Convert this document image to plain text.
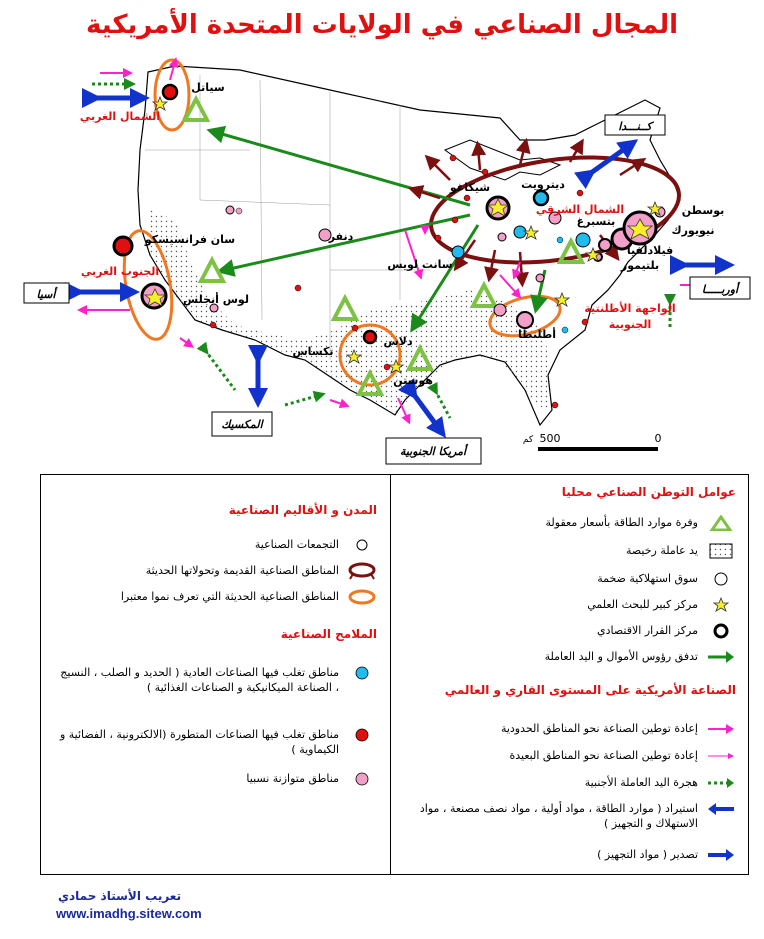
المجال الصناعي في الولايات المتحدة الأمريكية
سياتل
سان فرانسيسكو
لوس أنجلس
دنفر
شيكاغو	ديترويت
بتسبرغ
سانت لويس
بوسطن
نيويورك
فيلادلفيا
بلتيمور
أطلنطا
دلاس
هوستن
تكساس
الشمال الغربي
الجنوب الغربي
الشمال الشرقي
الواجهة الأطلنتية
الجنوبية
كــنـــدا
أسيا	أوربـــــا
المكسيك
أمريكا الجنوبية
0
500
كم
عوامل التوطن الصناعي محليا
وفرة موارد الطاقة بأسعار معقولة
يد عاملة رخيصة
سوق استهلاكية ضخمة
مركز كبير للبحث العلمي
مركز القرار الاقتصادي
تدفق رؤوس الأموال و اليد العاملة
الصناعة الأمريكية على المستوى القاري و العالمي
إعادة توطين الصناعة نحو المناطق الحدودية
إعادة توطين الصناعة نحو المناطق البعيدة
هجرة اليد العاملة الأجنبية
استيراد ( موارد الطاقة ، مواد أولية ، مواد نصف مصنعة ، مواد الاستهلاك و التجهيز )
تصدير ( مواد التجهيز )
المدن و الأقاليم الصناعية
التجمعات الصناعية
المناطق الصناعية القديمة وتحولاتها الحديثة
المناطق الصناعية الحديثة التي تعرف نموا معتبرا
الملامح الصناعية
مناطق تغلب فيها الصناعات العادية ( الحديد و الصلب ، النسيج ، الصناعة الميكانيكية و الصناعات الغذائية )
مناطق تغلب فيها الصناعات المتطورة (الالكترونية ، الفضائية و الكيماوية )
مناطق متوازنة نسبيا
تعريب الأستاذ حمادي
www.imadhg.sitew.com
